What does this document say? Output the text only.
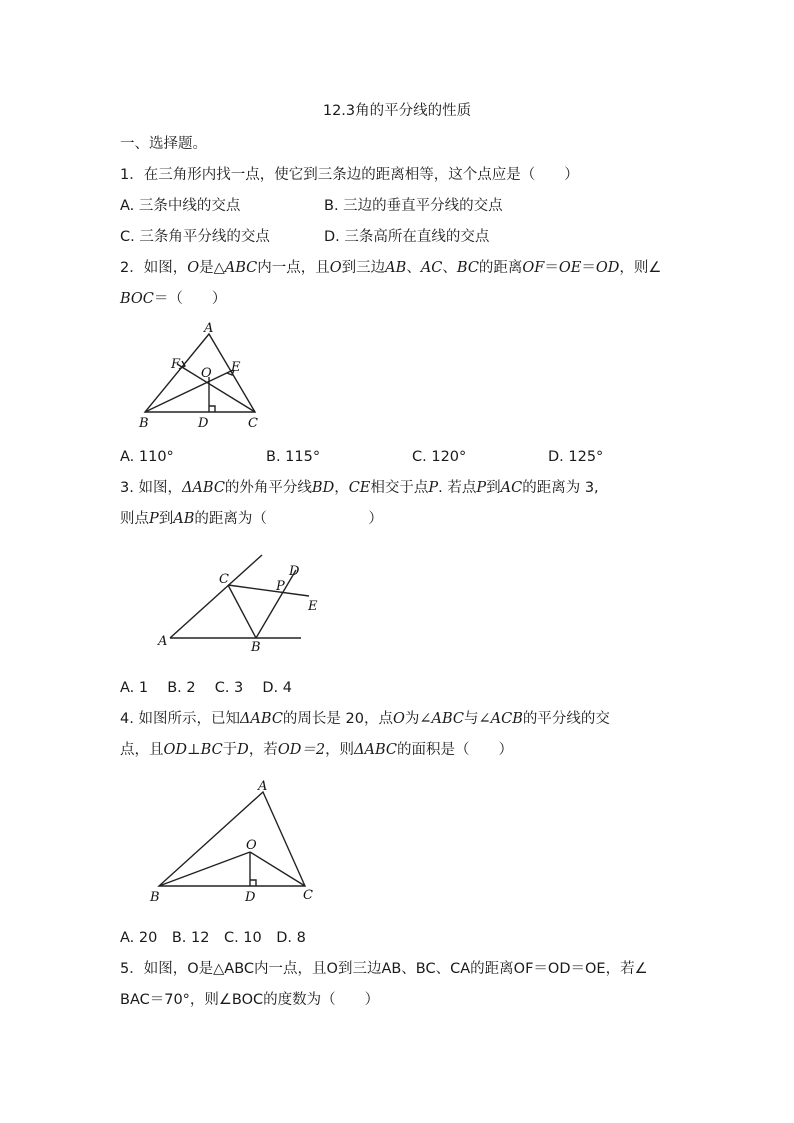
12.3角的平分线的性质
一、选择题。
1．在三角形内找一点，使它到三条边的距离相等，这个点应是（　　）
A. 三条中线的交点	B. 三边的垂直平分线的交点
C. 三条角平分线的交点	D. 三条高所在直线的交点
2．如图，O是△ABC内一点，且O到三边AB、AC、BC的距离OF＝OE＝OD，则∠
BOC＝（　　）
A
F
O E
B	D	C
A. 110°	B. 115°	C. 120°	D. 125°
3. 如图，ΔABC的外角平分线BD，CE相交于点P. 若点P到AC的距离为 3,
则点P到AB的距离为（　　　　　　　）
C	P
D
E
A	B
A. 1　 B. 2　 C. 3　 D. 4
4. 如图所示，已知ΔABC的周长是 20，点O为∠ABC与∠ACB的平分线的交
点，且OD⊥BC于D，若OD＝2，则ΔABC的面积是（　　）
A
O
B	D	C
A. 20　B. 12　C. 10　D. 8
5．如图，O是△ABC内一点，且O到三边AB、BC、CA的距离OF＝OD＝OE，若∠
BAC＝70°，则∠BOC的度数为（　　）
